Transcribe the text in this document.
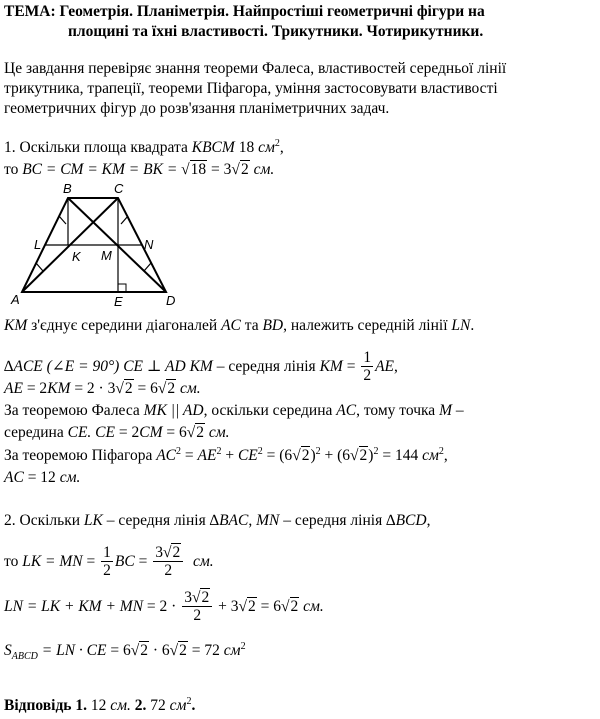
ТЕМА: Геометрія. Планіметрія. Найпростіші геометричні фігури на
площині та їхні властивості. Трикутники. Чотирикутники.
Це завдання перевіряє знання теореми Фалеса, властивостей середньої лінії
трикутника, трапеції, теореми Піфагора, уміння застосовувати властивості
геометричних фігур до розв'язання планіметричних задач.
1. Оскільки площа квадрата KBCM 18 $см^2$,
то BC = CM = KM = BK = √18 = 3√2 см.
B	C
L	N
K M
A	E	D
KM з'єднує середини діагоналей AC та BD, належить середній лінії LN.
∆ACE (∠E = 90°) CE ⊥ AD KM – середня лінія KM = $\frac{1}{2}$ AE,
AE = 2KM = 2 · 3√2 = 6√2 см.
За теоремою Фалеса MK || AD, оскільки середина AC, тому точка M –
середина CE. CE = 2CM = 6√2 см.
За теоремою Піфагора $AC^2 = AE^2 + CE^2 = (6√2)^2 + (6√2)^2 = 144$ $см^2$,
AC = 12 см.
2. Оскільки LK – середня лінія ∆BAC, MN – середня лінія ∆BCD,
то LK = MN = $\frac{1}{2}$ BC = $\frac{3√2}{2}$ см.
LN = LK + KM + MN = $2 \cdot \frac{3√2}{2} + 3√2 = 6√2$ см.
$S_{ABCD}$ = LN · CE = 6√2 · 6√2 = 72 $см^2$
Відповідь 1. 12 см. 2. 72 $см^2$.
